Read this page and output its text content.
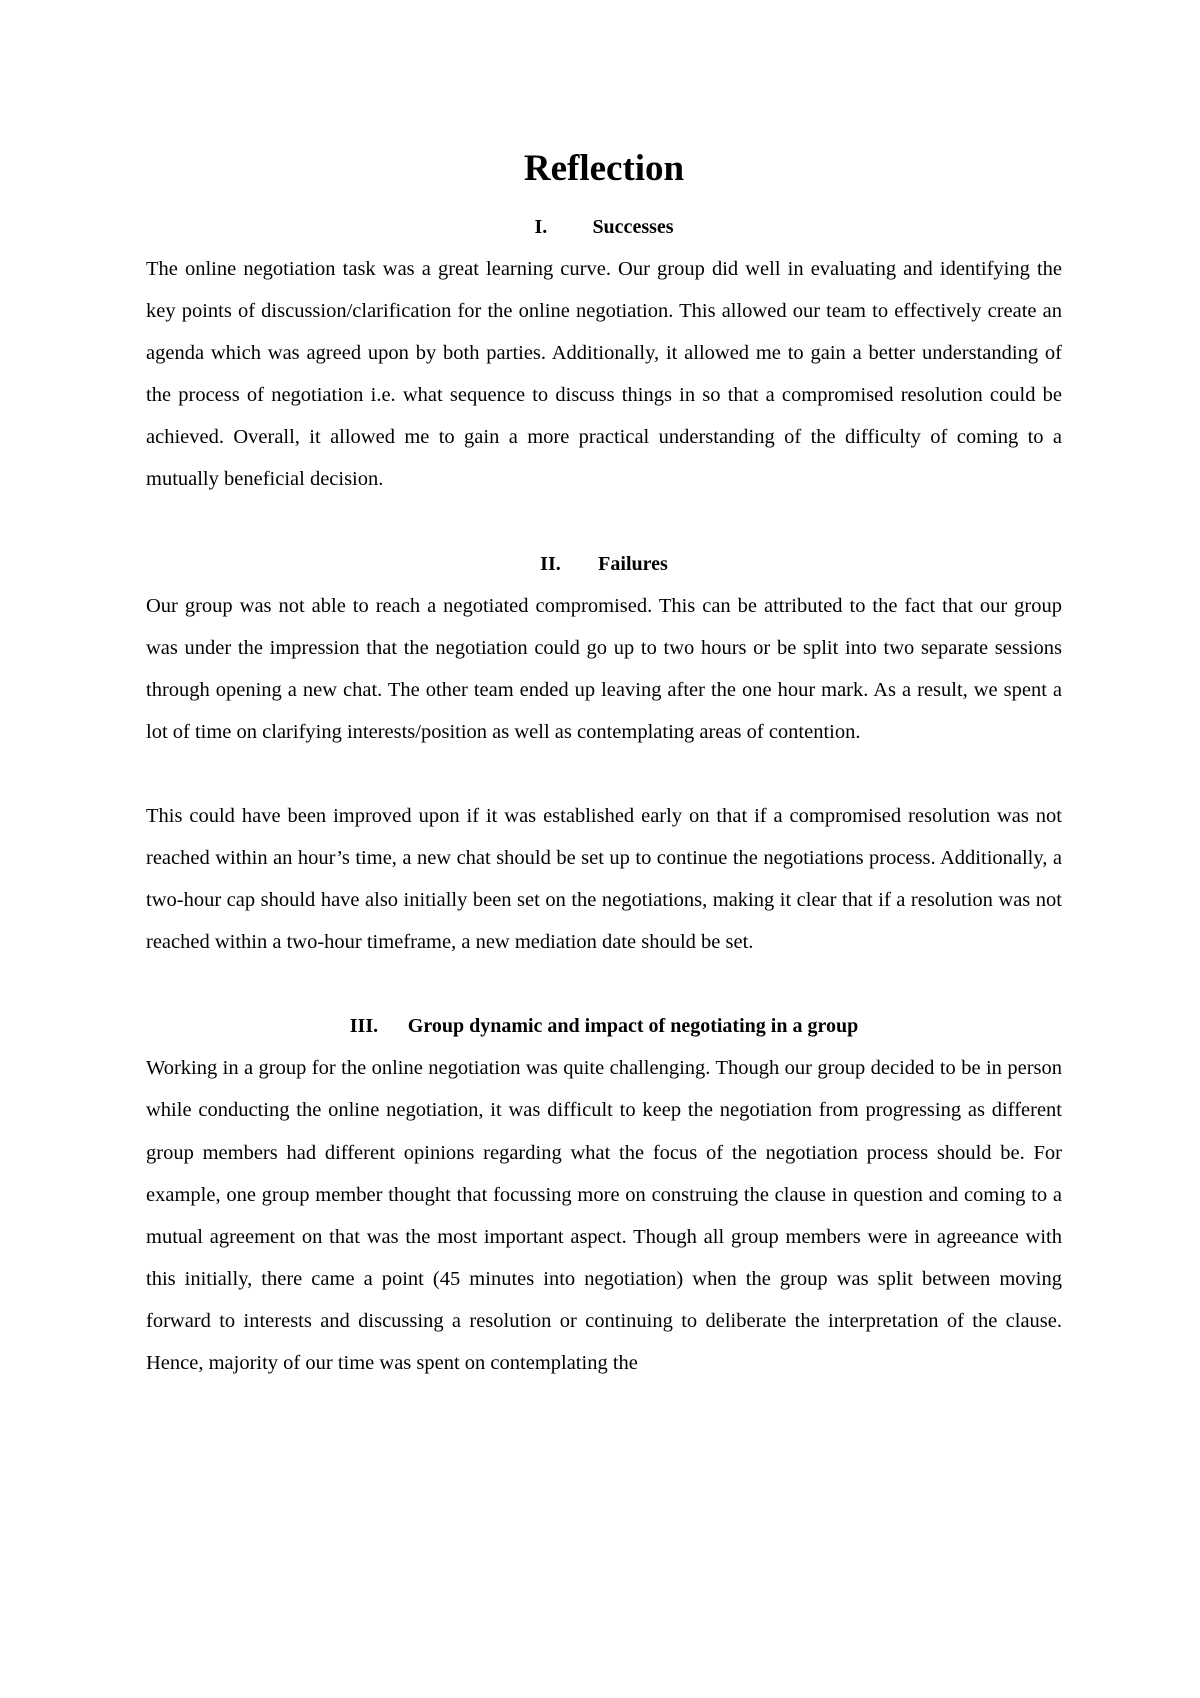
Reflection
I.	Successes

The online negotiation task was a great learning curve. Our group did well in evaluating and identifying the key points of discussion/clarification for the online negotiation. This allowed our team to effectively create an agenda which was agreed upon by both parties. Additionally, it allowed me to gain a better understanding of the process of negotiation i.e. what sequence to discuss things in so that a compromised resolution could be achieved. Overall, it allowed me to gain a more practical understanding of the difficulty of coming to a mutually beneficial decision.

II.	Failures

Our group was not able to reach a negotiated compromised. This can be attributed to the fact that our group was under the impression that the negotiation could go up to two hours or be split into two separate sessions through opening a new chat. The other team ended up leaving after the one hour mark. As a result, we spent a lot of time on clarifying interests/position as well as contemplating areas of contention.

This could have been improved upon if it was established early on that if a compromised resolution was not reached within an hour’s time, a new chat should be set up to continue the negotiations process. Additionally, a two-hour cap should have also initially been set on the negotiations, making it clear that if a resolution was not reached within a two-hour timeframe, a new mediation date should be set.

III.	Group dynamic and impact of negotiating in a group

Working in a group for the online negotiation was quite challenging. Though our group decided to be in person while conducting the online negotiation, it was difficult to keep the negotiation from progressing as different group members had different opinions regarding what the focus of the negotiation process should be. For example, one group member thought that focussing more on construing the clause in question and coming to a mutual agreement on that was the most important aspect. Though all group members were in agreeance with this initially, there came a point (45 minutes into negotiation) when the group was split between moving forward to interests and discussing a resolution or continuing to deliberate the interpretation of the clause. Hence, majority of our time was spent on contemplating the
